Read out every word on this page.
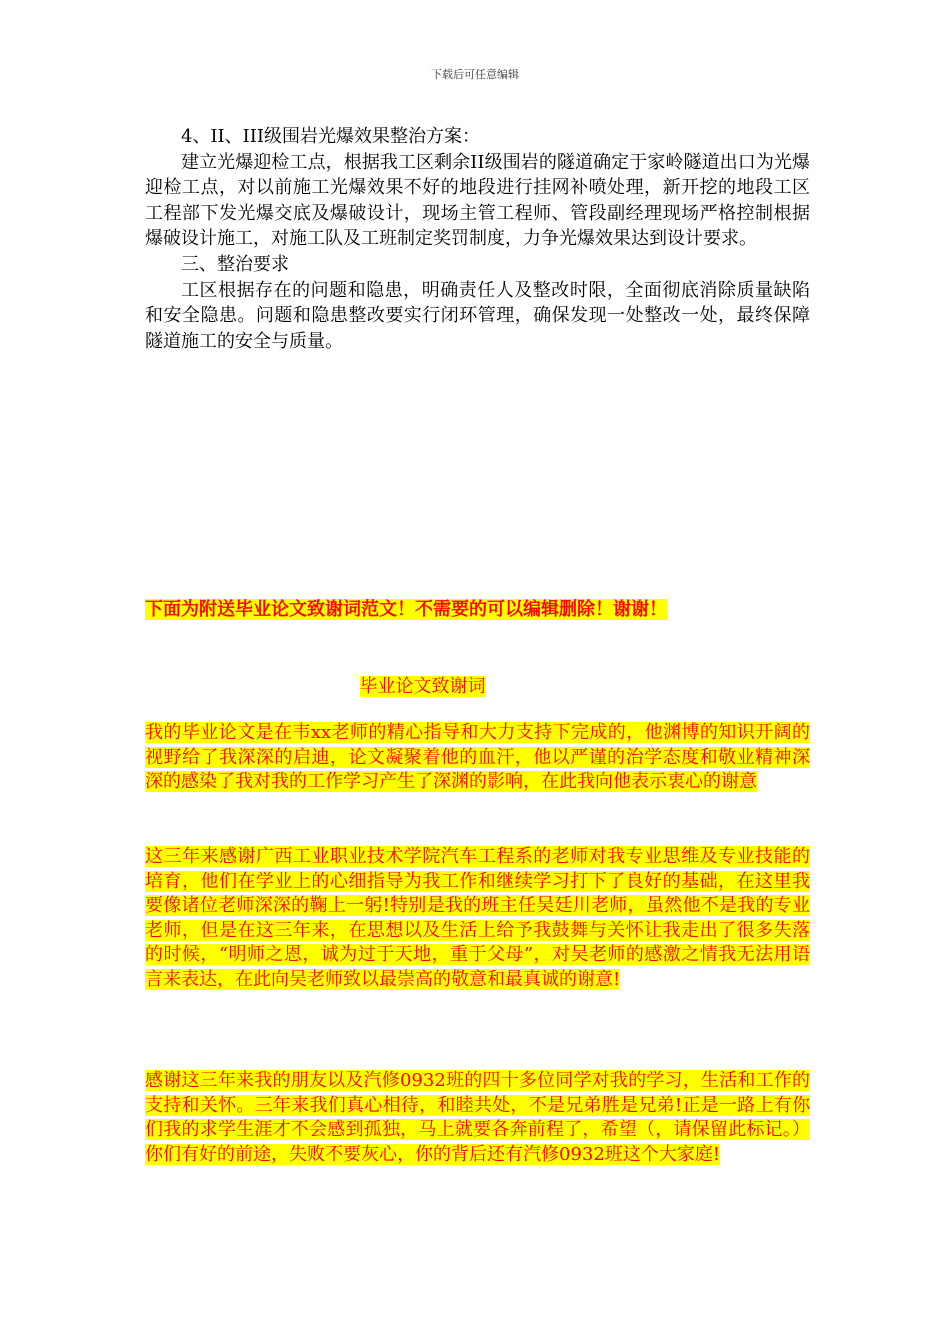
下载后可任意编辑

4、II、III级围岩光爆效果整治方案：

建立光爆迎检工点，根据我工区剩余II级围岩的隧道确定于家岭隧道出口为光爆迎检工点，对以前施工光爆效果不好的地段进行挂网补喷处理，新开挖的地段工区工程部下发光爆交底及爆破设计，现场主管工程师、管段副经理现场严格控制根据爆破设计施工，对施工队及工班制定奖罚制度，力争光爆效果达到设计要求。

三、整治要求

工区根据存在的问题和隐患，明确责任人及整改时限，全面彻底消除质量缺陷和安全隐患。问题和隐患整改要实行闭环管理，确保发现一处整改一处，最终保障隧道施工的安全与质量。

下面为附送毕业论文致谢词范文！不需要的可以编辑删除！谢谢！
毕业论文致谢词

我的毕业论文是在韦xx老师的精心指导和大力支持下完成的，他渊博的知识开阔的视野给了我深深的启迪，论文凝聚着他的血汗，他以严谨的治学态度和敬业精神深深的感染了我对我的工作学习产生了深渊的影响，在此我向他表示衷心的谢意

这三年来感谢广西工业职业技术学院汽车工程系的老师对我专业思维及专业技能的培育，他们在学业上的心细指导为我工作和继续学习打下了良好的基础，在这里我要像诸位老师深深的鞠上一躬!特别是我的班主任吴廷川老师，虽然他不是我的专业老师，但是在这三年来，在思想以及生活上给予我鼓舞与关怀让我走出了很多失落的时候，“明师之恩，诚为过于天地，重于父母”，对吴老师的感激之情我无法用语言来表达，在此向吴老师致以最崇高的敬意和最真诚的谢意!

感谢这三年来我的朋友以及汽修0932班的四十多位同学对我的学习，生活和工作的支持和关怀。三年来我们真心相待，和睦共处，不是兄弟胜是兄弟!正是一路上有你们我的求学生涯才不会感到孤独，马上就要各奔前程了，希望（，请保留此标记。）你们有好的前途，失败不要灰心，你的背后还有汽修0932班这个大家庭!
